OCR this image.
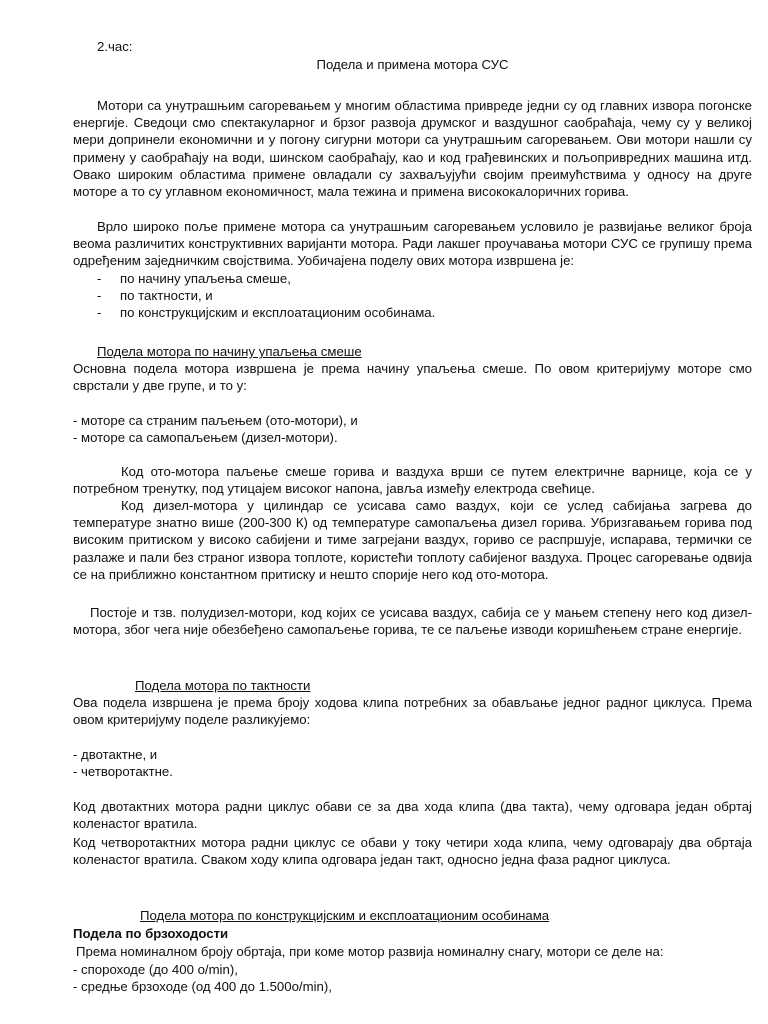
2.час:
Подела и примена мотора СУС

Мотори са унутрашњим сагоревањем у многим областима привреде једни су од главних извора погонске енергије. Сведоци смо спектакуларног и брзог развоја друмског и ваздушног саобраћаја, чему су у великој мери допринели економични и у погону сигурни мотори са унутрашњим сагоревањем. Ови мотори нашли су примену у саобраћају на води, шинском саобраћају, као и код грађевинских и пољопривредних машина итд. Овако широким областима примене овладали су захваљујући својим преимућствима у односу на друге моторе а то су углавном економичност, мала тежина и примена висококалоричних горива.

Врло широко поље примене мотора са унутрашњим сагоревањем условило је развијање великог броја веома различитих конструктивних варијанти мотора. Ради лакшег проучавања мотори СУС се групишу према одређеним заједничким својствима. Уобичајена поделу ових мотора извршена је:

- по начину упаљења смеше,
- по тактности, и
- по конструкцијским и експлоатационим особинама.
Подела мотора по начину упаљења смеше

Основна подела мотора извршена је према начину упаљења смеше. По овом критеријуму моторе смо сврстали у две групе, и то у:

- моторе са страним паљењем (ото-мотори), и
- моторе са самопаљењем (дизел-мотори).

Код ото-мотора паљење смеше горива и ваздуха врши се путем електричне варнице, која се у потребном тренутку, под утицајем високог напона, јавља између електрода свећице.

Код дизел-мотора у цилиндар се усисава само ваздух, који се услед сабијања загрева до температуре знатно више (200-300 К) од температуре самопаљења дизел горива. Убризгавањем горива под високим притиском у високо сабијени и тиме загрејани ваздух, гориво се распршује, испарава, термички се разлаже и пали без страног извора топлоте, користећи топлоту сабијеног ваздуха. Процес сагоревање одвија се на приближно константном притиску и нешто спорије него код ото-мотора.

Постоје и тзв. полудизел-мотори, код којих се усисава ваздух, сабија се у мањем степену него код дизел-мотора, због чега није обезбеђено самопаљење горива, те се паљење изводи коришћењем стране енергије.

Подела мотора по тактности

Ова подела извршена је према броју ходова клипа потребних за обављање једног радног циклуса. Према овом критеријуму поделе разликујемо:

- двотактне, и
- четворотактне.

Код двотактних мотора радни циклус обави се за два хода клипа (два такта), чему одговара један обртај коленастог вратила.

Код четворотактних мотора радни циклус се обави у току четири хода клипа, чему одговарају два обртаја коленастог вратила. Сваком ходу клипа одговара један такт, односно једна фаза радног циклуса.

Подела мотора по конструкцијским и експлоатационим особинама
Подела по брзоходости

Према номиналном броју обртаја, при коме мотор развија номиналну снагу, мотори се деле на:

- спороходе (до 400 о/min),
- средње брзоходе (од 400 до 1.500о/min),
